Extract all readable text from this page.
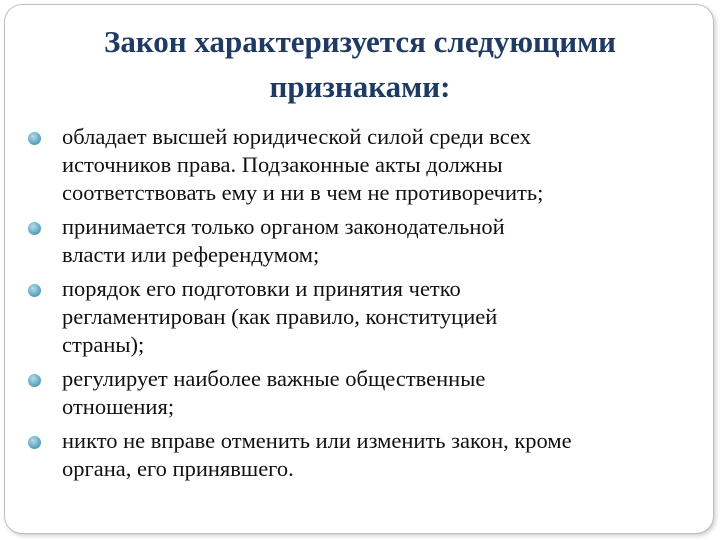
Закон характеризуется следующими
признаками:
обладает высшей юридической силой среди всех
источников права. Подзаконные акты должны
соответствовать ему и ни в чем не противоречить;
принимается только органом законодательной
власти или референдумом;
порядок его подготовки и принятия четко
регламентирован (как правило, конституцией
страны);
регулирует наиболее важные общественные
отношения;
никто не вправе отменить или изменить закон, кроме
органа, его принявшего.
